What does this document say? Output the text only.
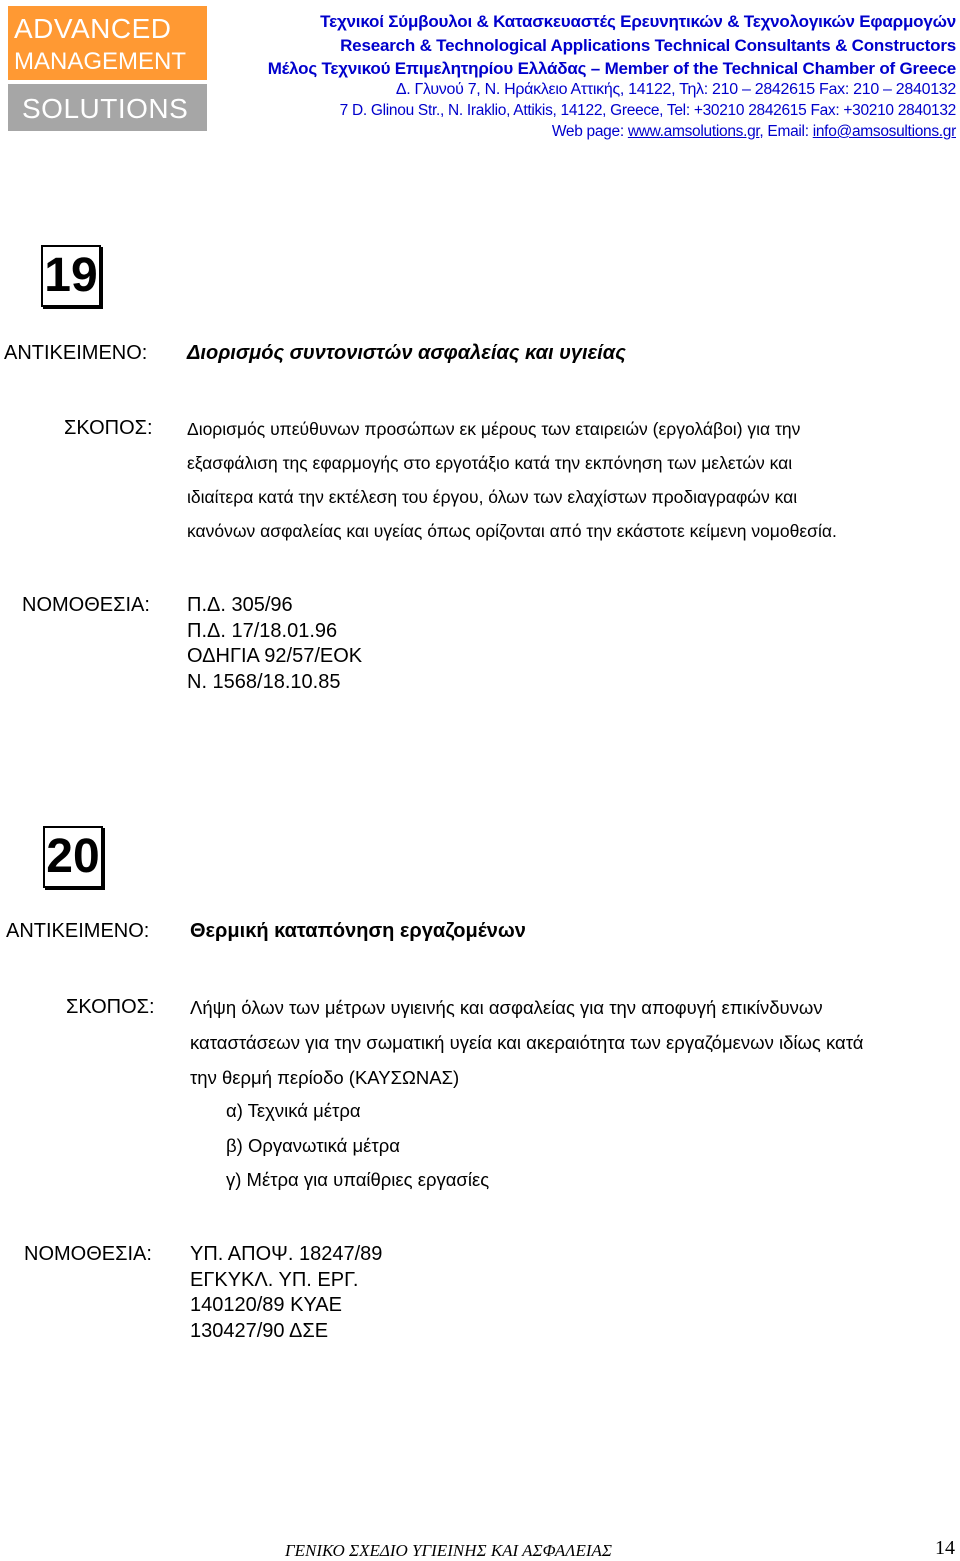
ADVANCED
MANAGEMENT
SOLUTIONS
Τεχνικοί Σύμβουλοι & Κατασκευαστές Ερευνητικών & Τεχνολογικών Εφαρμογών
Research & Technological Applications Technical Consultants & Constructors
Μέλος Τεχνικού Επιμελητηρίου Ελλάδας – Member of the Technical Chamber of Greece
Δ. Γλυνού 7, Ν. Ηράκλειο Αττικής, 14122, Τηλ: 210 – 2842615 Fax: 210 – 2840132
7 D. Glinou Str., N. Iraklio, Attikis, 14122, Greece, Tel: +30210 2842615 Fax: +30210 2840132
Web page: www.amsolutions.gr, Email: info@amsosultions.gr
19
ΑΝΤΙΚΕΙΜΕΝΟ: Διορισμός συντονιστών ασφαλείας και υγιείας
ΣΚΟΠΟΣ: Διορισμός υπεύθυνων προσώπων εκ μέρους των εταιρειών (εργολάβοι) για την
εξασφάλιση της εφαρμογής στο εργοτάξιο κατά την εκπόνηση των μελετών και
ιδιαίτερα κατά την εκτέλεση του έργου, όλων των ελαχίστων προδιαγραφών και
κανόνων ασφαλείας και υγείας όπως ορίζονται από την εκάστοτε κείμενη νομοθεσία.
ΝΟΜΟΘΕΣΙΑ: Π.Δ. 305/96
Π.Δ. 17/18.01.96
ΟΔΗΓΙΑ 92/57/ΕΟΚ
Ν. 1568/18.10.85
20
ΑΝΤΙΚΕΙΜΕΝΟ: Θερμική καταπόνηση εργαζομένων
ΣΚΟΠΟΣ: Λήψη όλων των μέτρων υγιεινής και ασφαλείας για την αποφυγή επικίνδυνων
καταστάσεων για την σωματική υγεία και ακεραιότητα των εργαζόμενων ιδίως κατά
την θερμή περίοδο (ΚΑΥΣΩΝΑΣ)
α) Τεχνικά μέτρα
β) Οργανωτικά μέτρα
γ) Μέτρα για υπαίθριες εργασίες
ΝΟΜΟΘΕΣΙΑ: ΥΠ. ΑΠΟΨ. 18247/89
ΕΓΚΥΚΛ. ΥΠ. ΕΡΓ.
140120/89 ΚΥΑΕ
130427/90 ΔΣΕ
ΓΕΝΙΚΟ ΣΧΕΔΙΟ ΥΓΙΕΙΝΗΣ ΚΑΙ ΑΣΦΑΛΕΙΑΣ	14
